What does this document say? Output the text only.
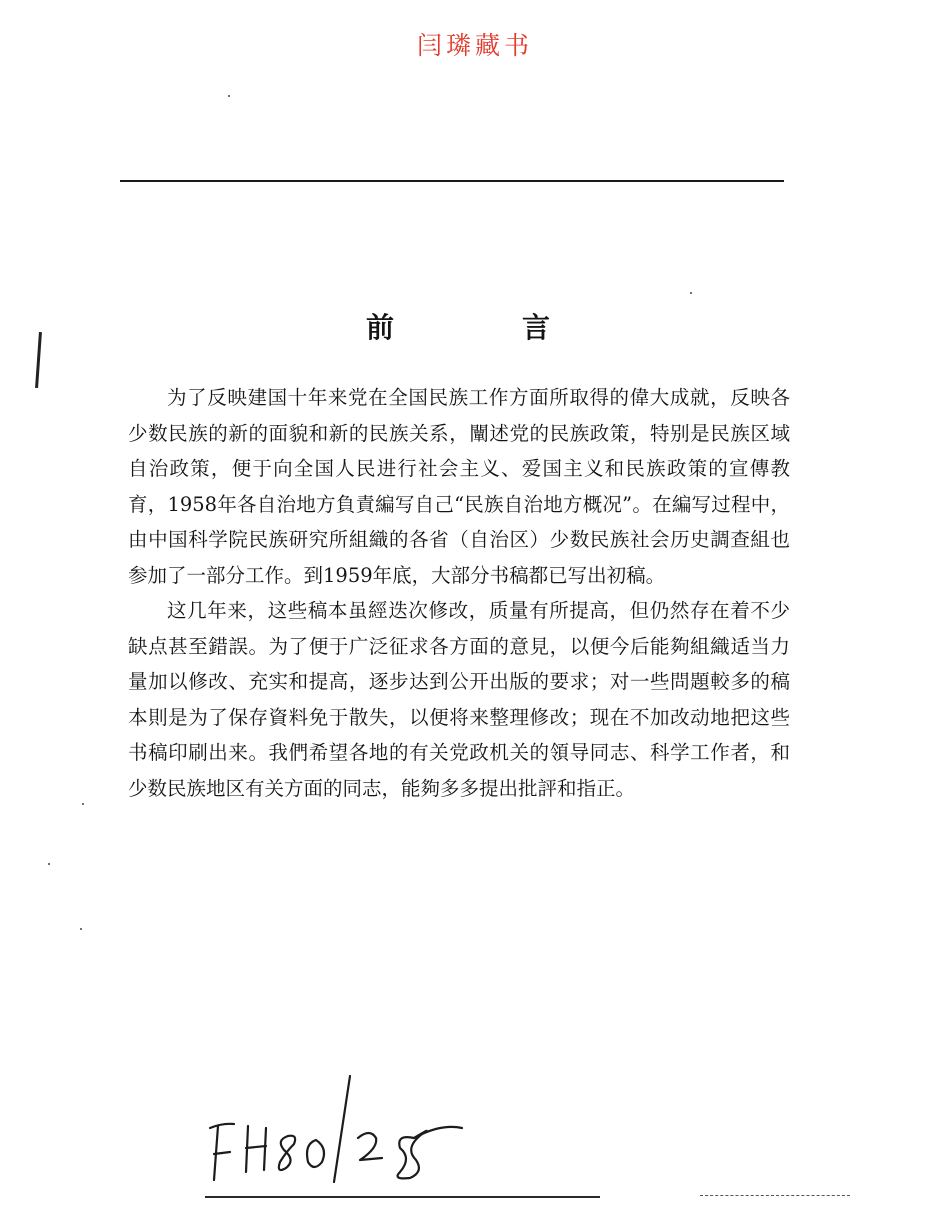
闫璘藏书
前言

为了反映建国十年来党在全国民族工作方面所取得的偉大成就，反映各少数民族的新的面貌和新的民族关系，闡述党的民族政策，特别是民族区域自治政策，便于向全国人民进行社会主义、爱国主义和民族政策的宣傳教育，1958年各自治地方負責編写自己“民族自治地方概况”。在編写过程中，由中国科学院民族研究所組織的各省（自治区）少数民族社会历史調查組也参加了一部分工作。到1959年底，大部分书稿都已写出初稿。

这几年来，这些稿本虽經迭次修改，质量有所提高，但仍然存在着不少缺点甚至錯誤。为了便于广泛征求各方面的意見，以便今后能夠組織适当力量加以修改、充实和提高，逐步达到公开出版的要求；对一些問題較多的稿本則是为了保存資料免于散失，以便将来整理修改；现在不加改动地把这些书稿印刷出来。我們希望各地的有关党政机关的領导同志、科学工作者，和少数民族地区有关方面的同志，能夠多多提出批評和指正。
